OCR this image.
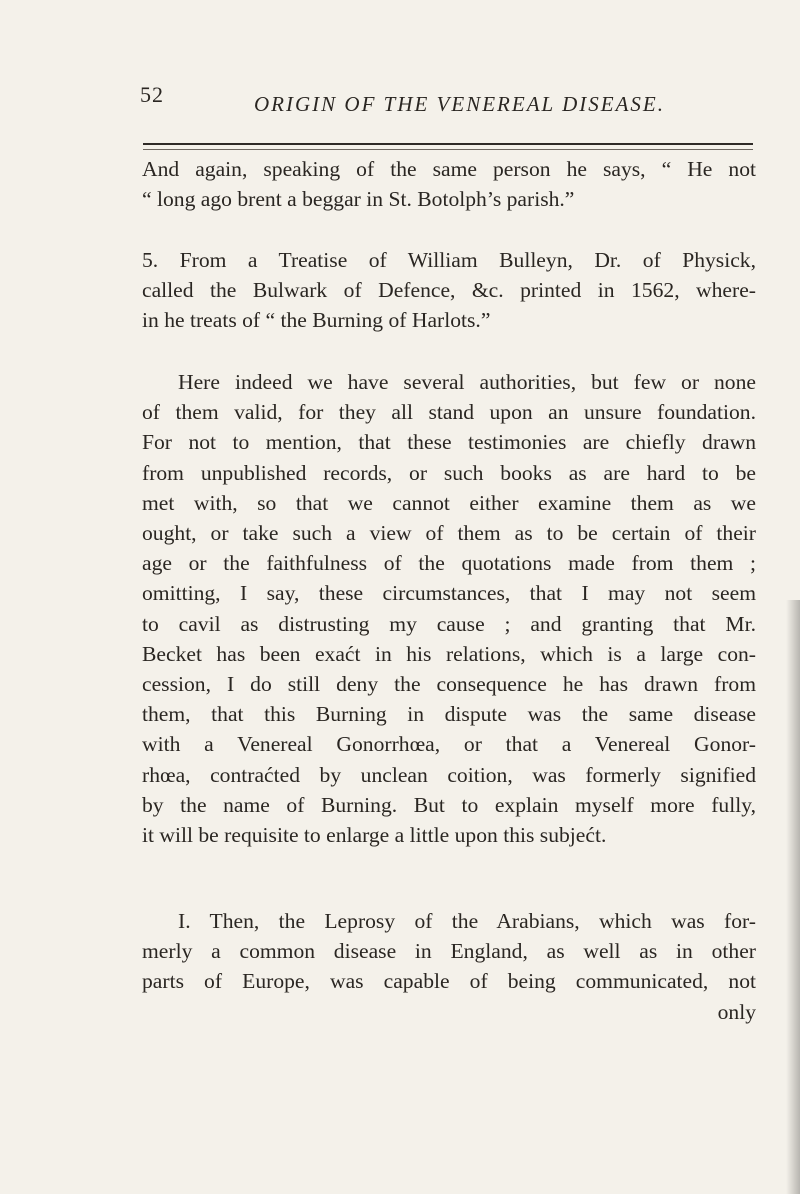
52	ORIGIN OF THE VENEREAL DISEASE.
And again, speaking of the same person he says, “ He not
“ long ago brent a beggar in St. Botolph’s parish.”
5. From a Treatise of William Bulleyn, Dr. of Physick,
called the Bulwark of Defence, &c. printed in 1562, where-
in he treats of “ the Burning of Harlots.”
Here indeed we have several authorities, but few or none
of them valid, for they all stand upon an unsure foundation.
For not to mention, that these testimonies are chiefly drawn
from unpublished records, or such books as are hard to be
met with, so that we cannot either examine them as we
ought, or take such a view of them as to be certain of their
age or the faithfulness of the quotations made from them ;
omitting, I say, these circumstances, that I may not seem
to cavil as distrusting my cause ; and granting that Mr.
Becket has been exaćt in his relations, which is a large con-
cession, I do still deny the consequence he has drawn from
them, that this Burning in dispute was the same disease
with a Venereal Gonorrhœa, or that a Venereal Gonor-
rhœa, contraćted by unclean coition, was formerly signified
by the name of Burning. But to explain myself more fully,
it will be requisite to enlarge a little upon this subjećt.
I. Then, the Leprosy of the Arabians, which was for-
merly a common disease in England, as well as in other
parts of Europe, was capable of being communicated, not
only
